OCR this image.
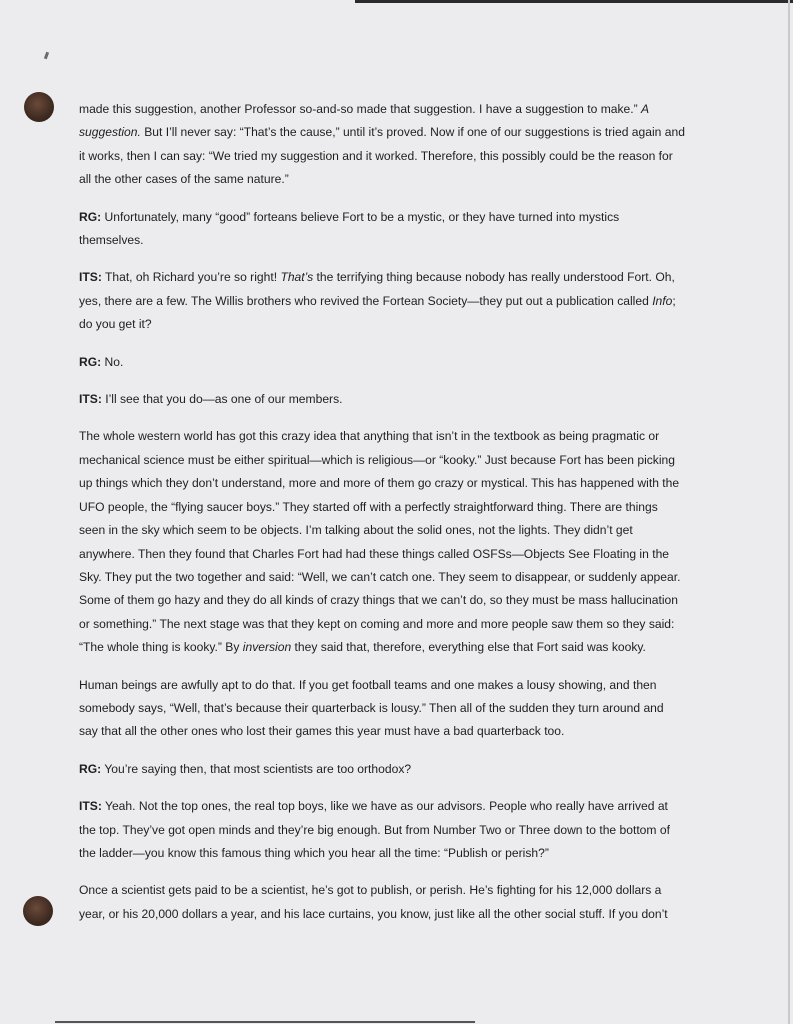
made this suggestion, another Professor so-and-so made that suggestion. I have a suggestion to make.” A suggestion. But I’ll never say: “That’s the cause,” until it’s proved. Now if one of our suggestions is tried again and it works, then I can say: “We tried my suggestion and it worked. Therefore, this possibly could be the reason for all the other cases of the same nature.”

RG: Unfortunately, many “good” forteans believe Fort to be a mystic, or they have turned into mystics themselves.

ITS: That, oh Richard you’re so right! That’s the terrifying thing because nobody has really understood Fort. Oh, yes, there are a few. The Willis brothers who revived the Fortean Society—they put out a publication called Info; do you get it?

RG: No.

ITS: I’ll see that you do—as one of our members.

The whole western world has got this crazy idea that anything that isn’t in the textbook as being pragmatic or mechanical science must be either spiritual—which is religious—or “kooky.” Just because Fort has been picking up things which they don’t understand, more and more of them go crazy or mystical. This has happened with the UFO people, the “flying saucer boys.” They started off with a perfectly straightforward thing. There are things seen in the sky which seem to be objects. I’m talking about the solid ones, not the lights. They didn’t get anywhere. Then they found that Charles Fort had had these things called OSFSs—Objects See Floating in the Sky. They put the two together and said: “Well, we can’t catch one. They seem to disappear, or suddenly appear. Some of them go hazy and they do all kinds of crazy things that we can’t do, so they must be mass hallucination or something.” The next stage was that they kept on coming and more and more people saw them so they said: “The whole thing is kooky.” By inversion they said that, therefore, everything else that Fort said was kooky.

Human beings are awfully apt to do that. If you get football teams and one makes a lousy showing, and then somebody says, “Well, that’s because their quarterback is lousy.” Then all of the sudden they turn around and say that all the other ones who lost their games this year must have a bad quarterback too.

RG: You’re saying then, that most scientists are too orthodox?

ITS: Yeah. Not the top ones, the real top boys, like we have as our advisors. People who really have arrived at the top. They’ve got open minds and they’re big enough. But from Number Two or Three down to the bottom of the ladder—you know this famous thing which you hear all the time: “Publish or perish?”

Once a scientist gets paid to be a scientist, he’s got to publish, or perish. He’s fighting for his 12,000 dollars a year, or his 20,000 dollars a year, and his lace curtains, you know, just like all the other social stuff. If you don’t
